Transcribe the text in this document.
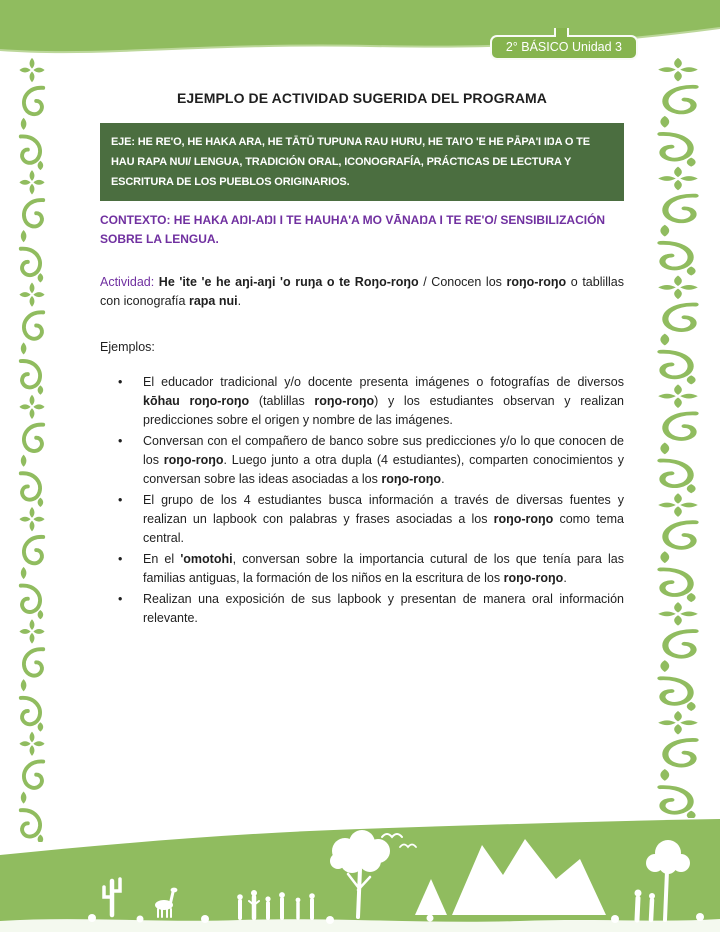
2° BÁSICO Unidad 3
EJEMPLO DE ACTIVIDAD SUGERIDA DEL PROGRAMA
EJE: HE RE'O, HE HAKA ARA, HE TĀTŪ TUPUNA RAU HURU, HE TAI'O 'E HE PĀPA'I IŊA O TE HAU RAPA NUI/ LENGUA, TRADICIÓN ORAL, ICONOGRAFÍA, PRÁCTICAS DE LECTURA Y ESCRITURA DE LOS PUEBLOS ORIGINARIOS.

CONTEXTO: HE HAKA AŊI-AŊI I TE HAUHA'A MO VĀNAŊA I TE RE'O/ SENSIBILIZACIÓN SOBRE LA LENGUA.

Actividad: He 'ite 'e he aŋi-aŋi 'o ruŋa o te Roŋo-roŋo / Conocen los roŋo-roŋo o tablillas con iconografía rapa nui.

Ejemplos:

•	El educador tradicional y/o docente presenta imágenes o fotografías de diversos kōhau roŋo-roŋo (tablillas roŋo-roŋo) y los estudiantes observan y realizan predicciones sobre el origen y nombre de las imágenes.
•	Conversan con el compañero de banco sobre sus predicciones y/o lo que conocen de los roŋo-roŋo. Luego junto a otra dupla (4 estudiantes), comparten conocimientos y conversan sobre las ideas asociadas a los roŋo-roŋo.
•	El grupo de los 4 estudiantes busca información a través de diversas fuentes y realizan un lapbook con palabras y frases asociadas a los roŋo-roŋo como tema central.
•	En el 'omotohi, conversan sobre la importancia cutural de los que tenía para las familias antiguas, la formación de los niños en la escritura de los roŋo-roŋo.
•	Realizan una exposición de sus lapbook y presentan de manera oral información relevante.
